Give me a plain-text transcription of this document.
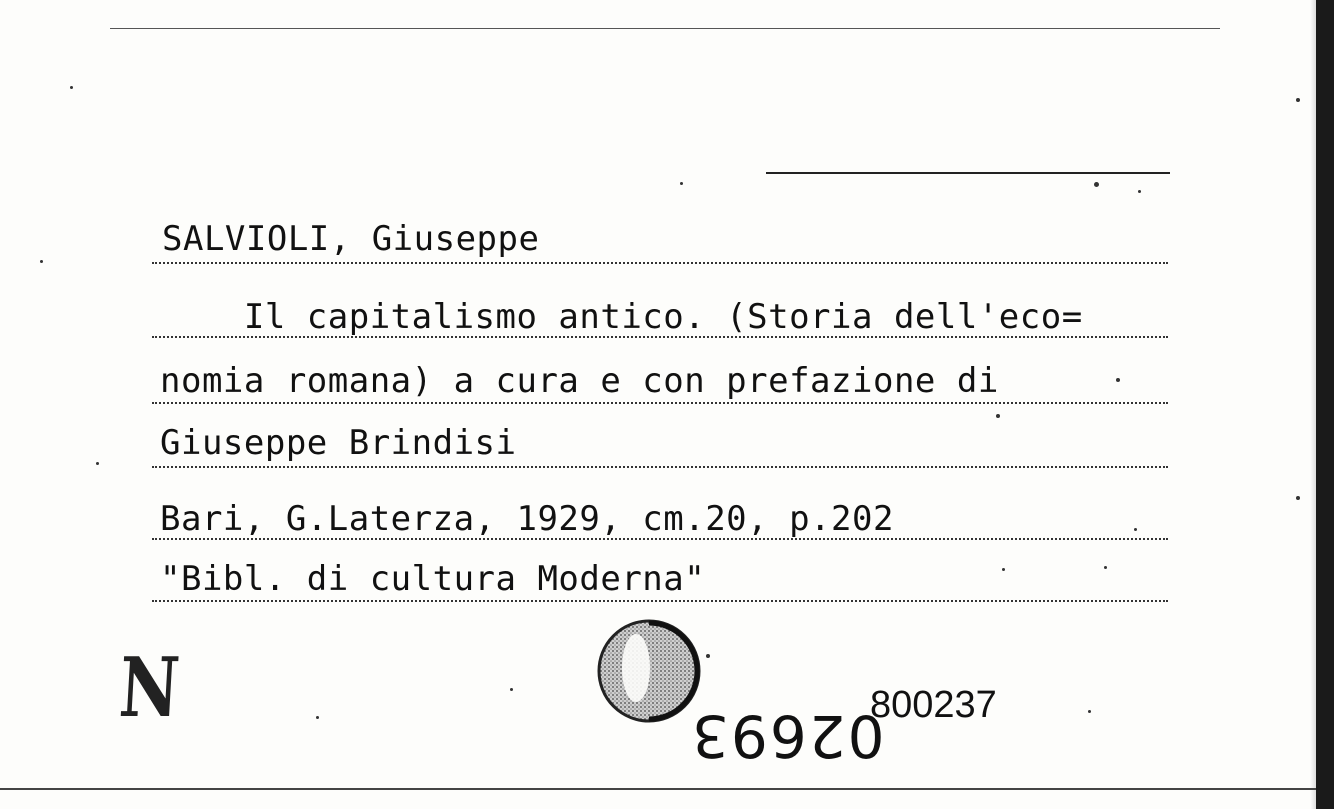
SALVIOLI, Giuseppe
Il capitalismo antico. (Storia dell'eco=
nomia romana) a cura e con prefazione di
Giuseppe Brindisi
Bari, G.Laterza, 1929, cm.20, p.202
"Bibl. di cultura Moderna"
N	02693
800237
